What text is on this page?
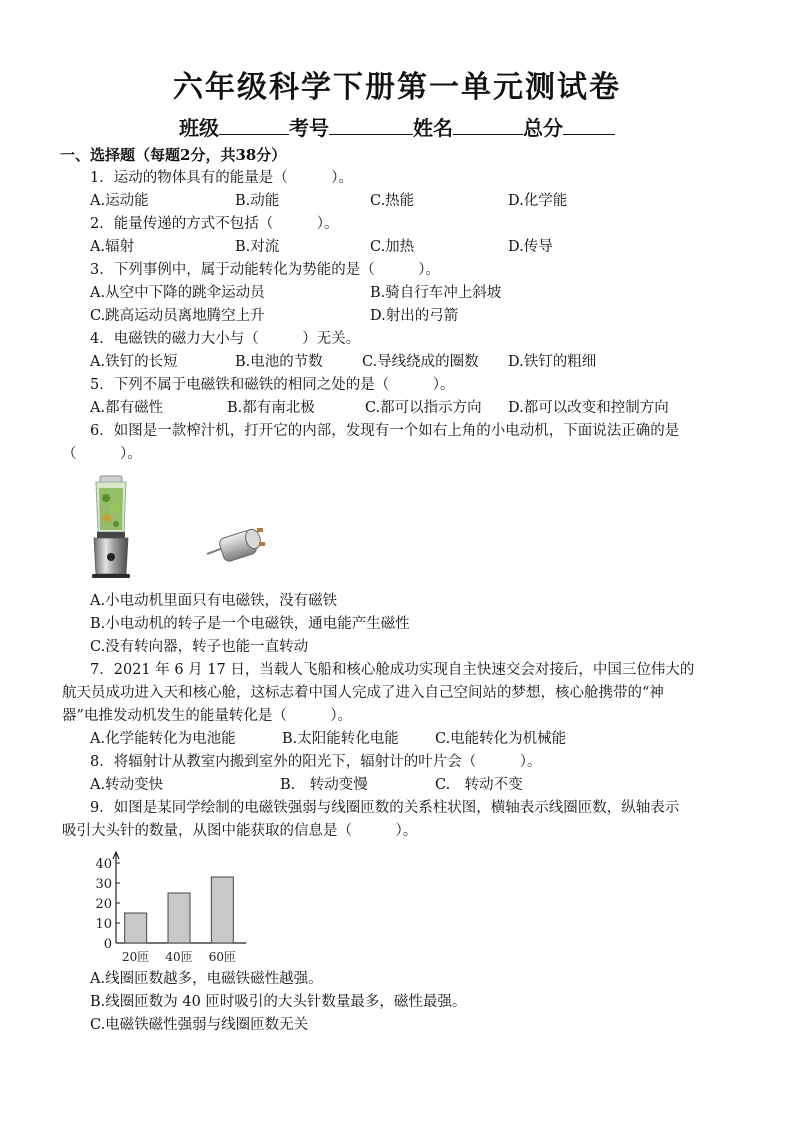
六年级科学下册第一单元测试卷
班级	考号	姓名	总分
一、选择题（每题2分，共38分）
1．运动的物体具有的能量是（　　　）。
A.运动能	B.动能	C.热能	D.化学能
2．能量传递的方式不包括（　　　）。
A.辐射	B.对流	C.加热	D.传导
3．下列事例中，属于动能转化为势能的是（　　　）。
A.从空中下降的跳伞运动员	B.骑自行车冲上斜坡
C.跳高运动员离地腾空上升	D.射出的弓箭
4．电磁铁的磁力大小与（　　　）无关。
A.铁钉的长短	B.电池的节数	C.导线绕成的圈数 D.铁钉的粗细
5．下列不属于电磁铁和磁铁的相同之处的是（　　　）。
A.都有磁性	B.都有南北极	C.都可以指示方向 D.都可以改变和控制方向
6．如图是一款榨汁机，打开它的内部，发现有一个如右上角的小电动机，下面说法正确的是
（　　　）。
A.小电动机里面只有电磁铁，没有磁铁
B.小电动机的转子是一个电磁铁，通电能产生磁性
C.没有转向器，转子也能一直转动
7．2021 年 6 月 17 日，当载人飞船和核心舱成功实现自主快速交会对接后，中国三位伟大的
航天员成功进入天和核心舱，这标志着中国人完成了进入自己空间站的梦想，核心舱携带的“神
器”电推发动机发生的能量转化是（　　　）。
A.化学能转化为电池能	B.太阳能转化电能 C.电能转化为机械能
8．将辐射计从教室内搬到室外的阳光下，辐射计的叶片会（　　　）。
A.转动变快	B.　转动变慢	C.　转动不变
9．如图是某同学绘制的电磁铁强弱与线圈匝数的关系柱状图，横轴表示线圈匝数，纵轴表示
吸引大头针的数量，从图中能获取的信息是（　　　）。
0
10
20
30
40
20匝 40匝 60匝
A.线圈匝数越多，电磁铁磁性越强。
B.线圈匝数为 40 匝时吸引的大头针数量最多，磁性最强。
C.电磁铁磁性强弱与线圈匝数无关
